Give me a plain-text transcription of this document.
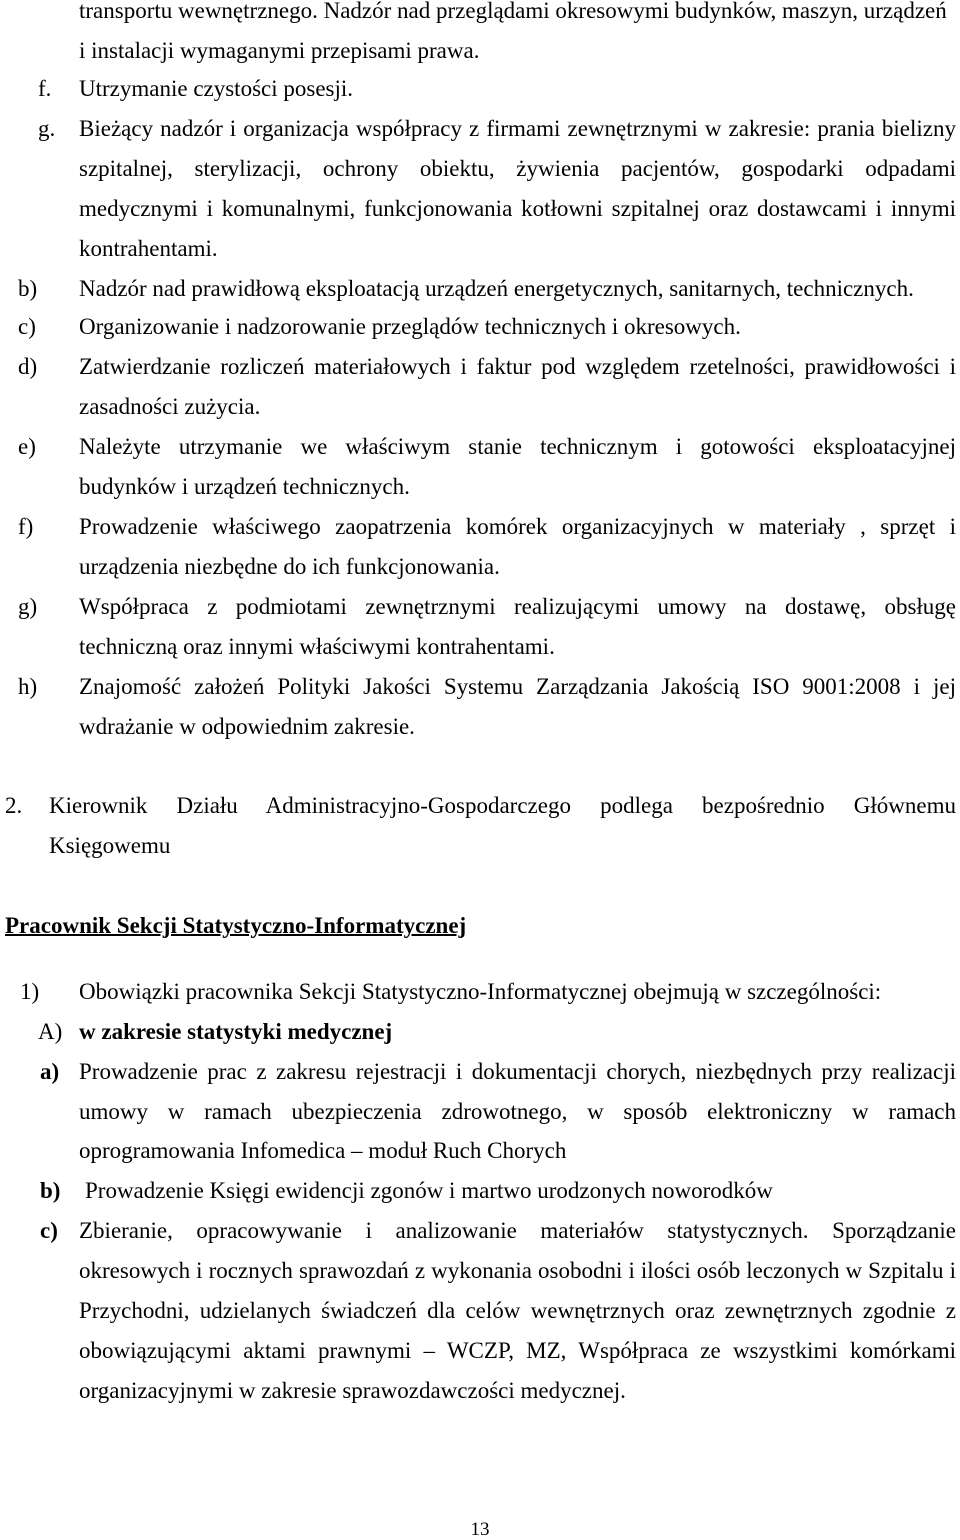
transportu wewnętrznego. Nadzór nad przeglądami okresowymi budynków, maszyn, urządzeń
i instalacji wymaganymi przepisami prawa.
f. Utrzymanie czystości posesji.
g. Bieżący nadzór i organizacja współpracy z firmami zewnętrznymi w zakresie: prania bielizny
szpitalnej, sterylizacji, ochrony obiektu, żywienia pacjentów, gospodarki odpadami
medycznymi i komunalnymi, funkcjonowania kotłowni szpitalnej oraz dostawcami i innymi
kontrahentami.
b) Nadzór nad prawidłową eksploatacją urządzeń energetycznych, sanitarnych, technicznych.
c) Organizowanie i nadzorowanie przeglądów technicznych i okresowych.
d) Zatwierdzanie rozliczeń materiałowych i faktur pod względem rzetelności, prawidłowości i
zasadności zużycia.
e) Należyte utrzymanie we właściwym stanie technicznym i gotowości eksploatacyjnej
budynków i urządzeń technicznych.
f) Prowadzenie właściwego zaopatrzenia komórek organizacyjnych w materiały , sprzęt i
urządzenia niezbędne do ich funkcjonowania.
g) Współpraca z podmiotami zewnętrznymi realizującymi umowy na dostawę, obsługę
techniczną oraz innymi właściwymi kontrahentami.
h) Znajomość założeń Polityki Jakości Systemu Zarządzania Jakością ISO 9001:2008 i jej
wdrażanie w odpowiednim zakresie.
2. Kierownik Działu Administracyjno-Gospodarczego podlega bezpośrednio Głównemu
Księgowemu
Pracownik Sekcji Statystyczno-Informatycznej
1) Obowiązki pracownika Sekcji Statystyczno-Informatycznej obejmują w szczególności:
A) w zakresie statystyki medycznej
a) Prowadzenie prac z zakresu rejestracji i dokumentacji chorych, niezbędnych przy realizacji
umowy w ramach ubezpieczenia zdrowotnego, w sposób elektroniczny w ramach
oprogramowania Infomedica – moduł Ruch Chorych
b) Prowadzenie Księgi ewidencji zgonów i martwo urodzonych noworodków
c) Zbieranie, opracowywanie i analizowanie materiałów statystycznych. Sporządzanie
okresowych i rocznych sprawozdań z wykonania osobodni i ilości osób leczonych w Szpitalu i
Przychodni, udzielanych świadczeń dla celów wewnętrznych oraz zewnętrznych zgodnie z
obowiązującymi aktami prawnymi – WCZP, MZ, Współpraca ze wszystkimi komórkami
organizacyjnymi w zakresie sprawozdawczości medycznej.
13
